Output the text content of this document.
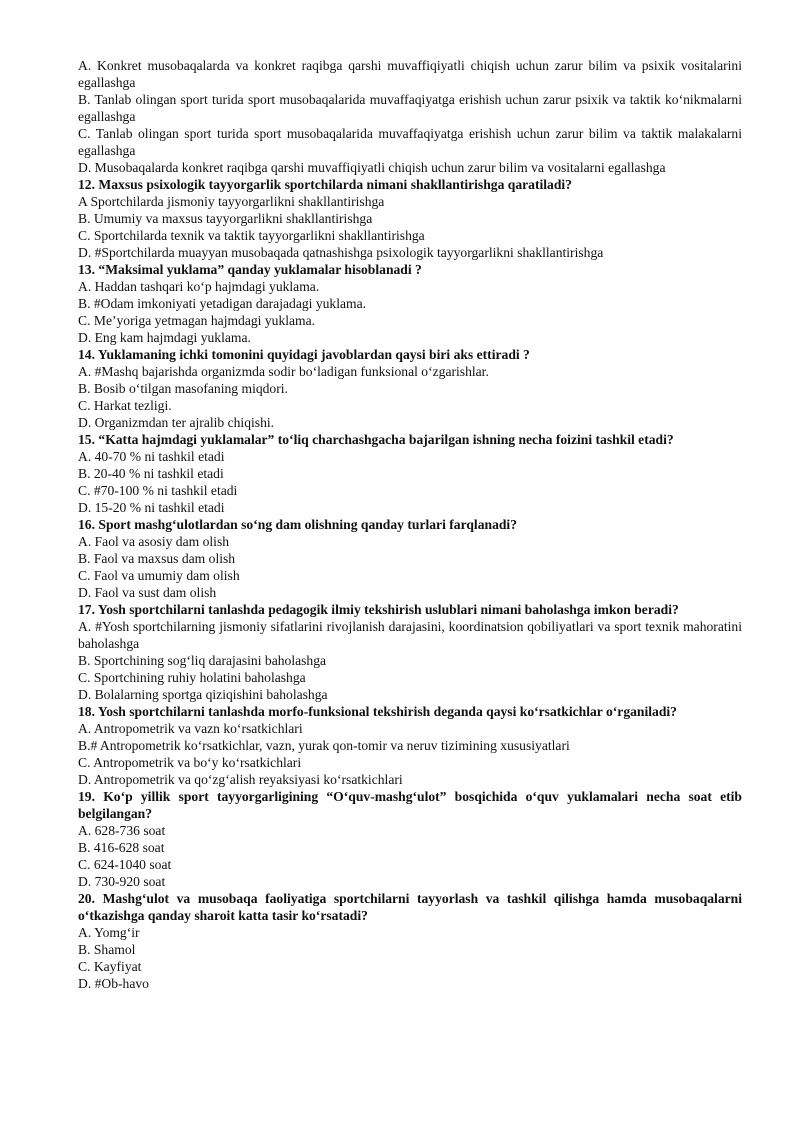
A. Konkret musobaqalarda va konkret raqibga qarshi muvaffiqiyatli chiqish uchun zarur bilim va psixik vositalarini egallashga

B. Tanlab olingan sport turida sport musobaqalarida muvaffaqiyatga erishish uchun zarur psixik va taktik ko‘nikmalarni egallashga

C. Tanlab olingan sport turida sport musobaqalarida muvaffaqiyatga erishish uchun zarur bilim va taktik malakalarni egallashga

D. Musobaqalarda konkret raqibga qarshi muvaffiqiyatli chiqish uchun zarur bilim va vositalarni egallashga

12. Maxsus psixologik tayyorgarlik sportchilarda nimani shakllantirishga qaratiladi?

A Sportchilarda jismoniy tayyorgarlikni shakllantirishga

B. Umumiy va maxsus tayyorgarlikni shakllantirishga

C. Sportchilarda texnik va taktik tayyorgarlikni shakllantirishga

D. #Sportchilarda muayyan musobaqada qatnashishga psixologik tayyorgarlikni shakllantirishga

13. “Maksimal yuklama” qanday yuklamalar hisoblanadi ?

A. Haddan tashqari ko‘p hajmdagi yuklama.

B. #Odam imkoniyati yetadigan darajadagi yuklama.

C. Me’yoriga yetmagan hajmdagi yuklama.

D. Eng kam hajmdagi yuklama.

14. Yuklamaning ichki tomonini quyidagi javoblardan qaysi biri aks ettiradi ?

A. #Mashq bajarishda organizmda sodir bo‘ladigan funksional o‘zgarishlar.

B. Bosib o‘tilgan masofaning miqdori.

C. Harkat tezligi.

D. Organizmdan ter ajralib chiqishi.

15. “Katta hajmdagi yuklamalar” to‘liq charchashgacha bajarilgan ishning necha foizini tashkil etadi?

A. 40-70 % ni tashkil etadi

B. 20-40 % ni tashkil etadi

C. #70-100 % ni tashkil etadi

D. 15-20 % ni tashkil etadi

16. Sport mashg‘ulotlardan so‘ng dam olishning qanday turlari farqlanadi?

A. Faol va asosiy dam olish

B. Faol va maxsus dam olish

C. Faol va umumiy dam olish

D. Faol va sust dam olish

17. Yosh sportchilarni tanlashda pedagogik ilmiy tekshirish uslublari nimani baholashga imkon beradi?

A. #Yosh sportchilarning jismoniy sifatlarini rivojlanish darajasini, koordinatsion qobiliyatlari va sport texnik mahoratini baholashga

B. Sportchining sog‘liq darajasini baholashga

C. Sportchining ruhiy holatini baholashga

D. Bolalarning sportga qiziqishini baholashga

18. Yosh sportchilarni tanlashda morfo-funksional tekshirish deganda qaysi ko‘rsatkichlar o‘rganiladi?

A. Antropometrik va vazn ko‘rsatkichlari

B.# Antropometrik ko‘rsatkichlar, vazn, yurak qon-tomir va neruv tizimining xususiyatlari

C. Antropometrik va bo‘y ko‘rsatkichlari

D. Antropometrik va qo‘zg‘alish reyaksiyasi ko‘rsatkichlari

19. Ko‘p yillik sport tayyorgarligining “O‘quv-mashg‘ulot” bosqichida o‘quv yuklamalari necha soat etib belgilangan?

A. 628-736 soat

B. 416-628 soat

C. 624-1040 soat

D. 730-920 soat

20. Mashg‘ulot va musobaqa faoliyatiga sportchilarni tayyorlash va tashkil qilishga hamda musobaqalarni o‘tkazishga qanday sharoit katta tasir ko‘rsatadi?

A. Yomg‘ir

B. Shamol

C. Kayfiyat

D. #Ob-havo
